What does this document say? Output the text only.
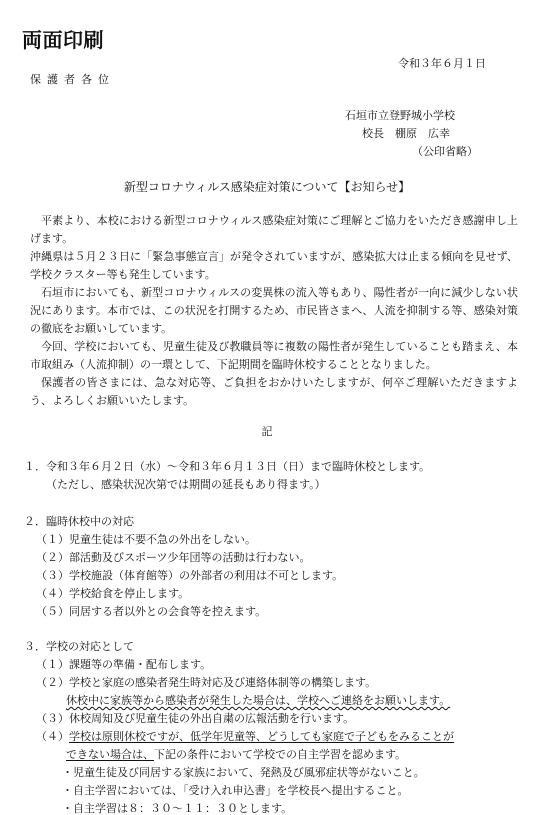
両面印刷
令和３年６月１日
保護者各位
石垣市立登野城小学校
校長　棚原　広幸
（公印省略）
新型コロナウィルス感染症対策について【お知らせ】
平素より、本校における新型コロナウィルス感染症対策にご理解とご協力をいただき感謝申し上げます。
沖縄県は５月２３日に「緊急事態宣言」が発令されていますが、感染拡大は止まる傾向を見せず、学校クラスター等も発生しています。
石垣市においても、新型コロナウィルスの変異株の流入等もあり、陽性者が一向に減少しない状況にあります。本市では、この状況を打開するため、市民皆さまへ、人流を抑制する等、感染対策の徹底をお願いしています。
今回、学校においても、児童生徒及び教職員等に複数の陽性者が発生していることも踏まえ、本市取組み（人流抑制）の一環として、下記期間を臨時休校することとなりました。
保護者の皆さまには、急な対応等、ご負担をおかけいたしますが、何卒ご理解いただきますよう、よろしくお願いいたします。
記
１．令和３年６月２日（水）～令和３年６月１３日（日）まで臨時休校とします。
（ただし、感染状況次第では期間の延長もあり得ます。）
２．臨時休校中の対応
（１）児童生徒は不要不急の外出をしない。
（２）部活動及びスポーツ少年団等の活動は行わない。
（３）学校施設（体育館等）の外部者の利用は不可とします。
（４）学校給食を停止します。
（５）同居する者以外との会食等を控えます。
３．学校の対応として
（１）課題等の準備・配布します。
（２）学校と家庭の感染者発生時対応及び連絡体制等の構築します。
休校中に家族等から感染者が発生した場合は、学校へご連絡をお願いします。
（３）休校周知及び児童生徒の外出自粛の広報活動を行います。
（４）学校は原則休校ですが、低学年児童等、どうしても家庭で子どもをみることが
できない場合は、下記の条件において学校での自主学習を認めます。
・児童生徒及び同居する家族において、発熱及び風邪症状等がないこと。
・自主学習においては、「受け入れ申込書」を学校長へ提出すること。
・自主学習は８：３０～１１：３０とします。
